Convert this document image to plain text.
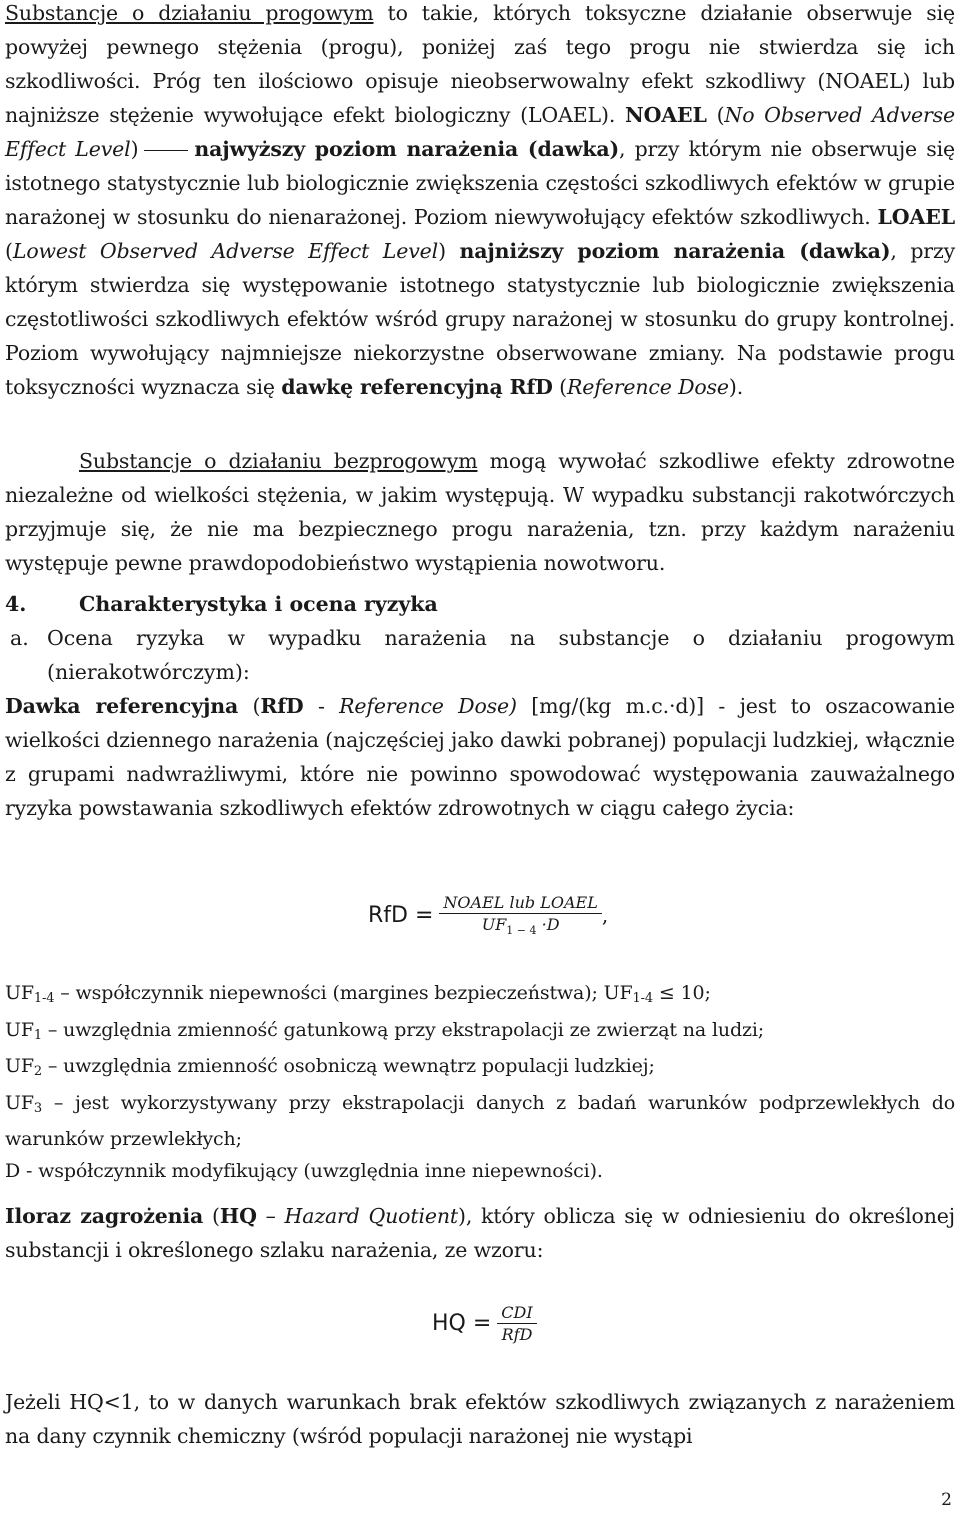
Substancje o działaniu progowym to takie, których toksyczne działanie obserwuje się powyżej pewnego stężenia (progu), poniżej zaś tego progu nie stwierdza się ich szkodliwości. Próg ten ilościowo opisuje nieobserwowalny efekt szkodliwy (NOAEL) lub najniższe stężenie wywołujące efekt biologiczny (LOAEL). NOAEL (No Observed Adverse Effect Level)	najwyższy poziom narażenia (dawka), przy którym nie obserwuje się istotnego statystycznie lub biologicznie zwiększenia częstości szkodliwych efektów w grupie narażonej w stosunku do nienarażonej. Poziom niewywołujący efektów szkodliwych. LOAEL (Lowest Observed Adverse Effect Level) najniższy poziom narażenia (dawka), przy którym stwierdza się występowanie istotnego statystycznie lub biologicznie zwiększenia częstotliwości szkodliwych efektów wśród grupy narażonej w stosunku do grupy kontrolnej. Poziom wywołujący najmniejsze niekorzystne obserwowane zmiany. Na podstawie progu toksyczności wyznacza się dawkę referencyjną RfD (Reference Dose).

Substancje o działaniu bezprogowym mogą wywołać szkodliwe efekty zdrowotne niezależne od wielkości stężenia, w jakim występują. W wypadku substancji rakotwórczych przyjmuje się, że nie ma bezpiecznego progu narażenia, tzn. przy każdym narażeniu występuje pewne prawdopodobieństwo wystąpienia nowotworu.

4.	Charakterystyka i ocena ryzyka
a. Ocena ryzyka w wypadku narażenia na substancje o działaniu progowym (nierakotwórczym):

Dawka referencyjna (RfD - Reference Dose) [mg/(kg m.c.·d)] - jest to oszacowanie wielkości dziennego narażenia (najczęściej jako dawki pobranej) populacji ludzkiej, włącznie z grupami nadwrażliwymi, które nie powinno spowodować występowania zauważalnego ryzyka powstawania szkodliwych efektów zdrowotnych w ciągu całego życia:

RfD = $\frac{\text{NOAEL lub LOAEL}}{UF_{1 - 4} \cdot D}$ ,
$UF_{1-4}$ – współczynnik niepewności (margines bezpieczeństwa); $UF_{1-4} \le 10$;
$UF_1$ – uwzględnia zmienność gatunkową przy ekstrapolacji ze zwierząt na ludzi;
$UF_2$ – uwzględnia zmienność osobniczą wewnątrz populacji ludzkiej;
$UF_3$ – jest wykorzystywany przy ekstrapolacji danych z badań warunków podprzewlekłych do warunków przewlekłych;
D - współczynnik modyfikujący (uwzględnia inne niepewności).

Iloraz zagrożenia (HQ – Hazard Quotient), który oblicza się w odniesieniu do określonej substancji i określonego szlaku narażenia, ze wzoru:

HQ = $\frac{\text{CDI}}{\text{RfD}}$

Jeżeli HQ<1, to w danych warunkach brak efektów szkodliwych związanych z narażeniem na dany czynnik chemiczny (wśród populacji narażonej nie wystąpi

2
